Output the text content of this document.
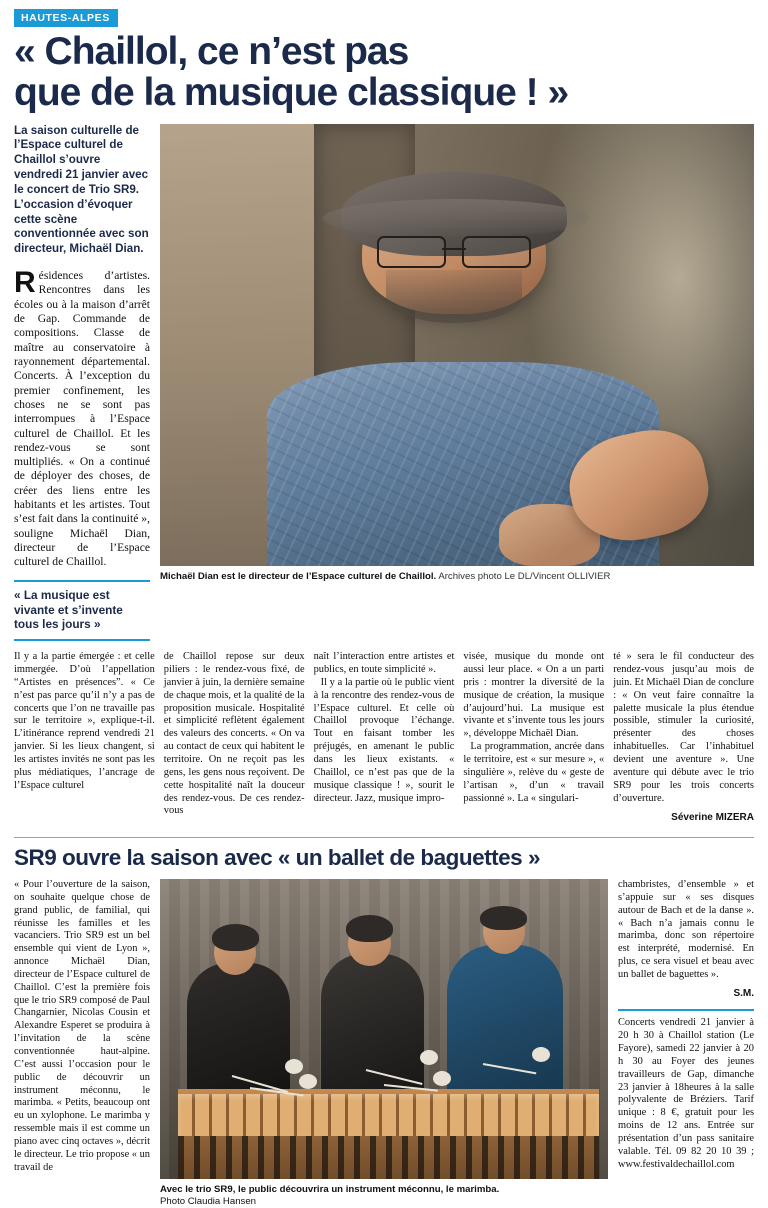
HAUTES-ALPES
« Chaillol, ce n’est pas
que de la musique classique ! »
La saison culturelle de l’Espace culturel de Chaillol s’ouvre vendredi 21 janvier avec le concert de Trio SR9. L’occasion d’évoquer cette scène conventionnée avec son directeur, Michaël Dian.
Résidences d’artistes. Rencontres dans les écoles ou à la maison d’arrêt de Gap. Commande de compositions. Classe de maître au conservatoire à rayonnement départemental. Concerts. À l’exception du premier confinement, les choses ne se sont pas interrompues à l’Espace culturel de Chaillol. Et les rendez-vous se sont multipliés. « On a continué de déployer des choses, de créer des liens entre les habitants et les artistes. Tout s’est fait dans la continuité », souligne Michaël Dian, directeur de l’Espace culturel de Chaillol.
« La musique est vivante et s’invente tous les jours »
Michaël Dian est le directeur de l’Espace culturel de Chaillol. Archives photo Le DL/Vincent OLLIVIER

Il y a la partie émergée : et celle immergée. D’où l’appellation “Artistes en présences”. « Ce n’est pas parce qu’il n’y a pas de concerts que l’on ne travaille pas sur le territoire », explique-t-il. L’itinérance reprend vendredi 21 janvier. Si les lieux changent, si les artistes invités ne sont pas les plus médiatiques, l’ancrage de l’Espace culturel

de Chaillol repose sur deux piliers : le rendez-vous fixé, de janvier à juin, la dernière semaine de chaque mois, et la qualité de la proposition musicale. Hospitalité et simplicité reflètent également des valeurs des concerts. « On va au contact de ceux qui habitent le territoire. On ne reçoit pas les gens, les gens nous reçoivent. De cette hospitalité naît la douceur des rendez-vous. De ces rendez-vous

naît l’interaction entre artistes et publics, en toute simplicité ».

Il y a la partie où le public vient à la rencontre des rendez-vous de l’Espace culturel. Et celle où Chaillol provoque l’échange. Tout en faisant tomber les préjugés, en amenant le public dans les lieux existants. « Chaillol, ce n’est pas que de la musique classique ! », sourit le directeur. Jazz, musique impro-

visée, musique du monde ont aussi leur place. « On a un parti pris : montrer la diversité de la musique de création, la musique d’aujourd’hui. La musique est vivante et s’invente tous les jours », développe Michaël Dian.

La programmation, ancrée dans le territoire, est « sur mesure », « singulière », relève du « geste de l’artisan », d’un « travail passionné ». La « singulari-

té » sera le fil conducteur des rendez-vous jusqu’au mois de juin. Et Michaël Dian de conclure : « On veut faire connaître la palette musicale la plus étendue possible, stimuler la curiosité, présenter des choses inhabituelles. Car l’inhabituel devient une aventure ». Une aventure qui débute avec le trio SR9 pour les trois concerts d’ouverture.

Séverine MIZERA
SR9 ouvre la saison avec « un ballet de baguettes »

« Pour l’ouverture de la saison, on souhaite quelque chose de grand public, de familial, qui réunisse les familles et les vacanciers. Trio SR9 est un bel ensemble qui vient de Lyon », annonce Michaël Dian, directeur de l’Espace culturel de Chaillol. C’est la première fois que le trio SR9 composé de Paul Changarnier, Nicolas Cousin et Alexandre Esperet se produira à l’invitation de la scène conventionnée haut-alpine. C’est aussi l’occasion pour le public de découvrir un instrument méconnu, le marimba. « Petits, beaucoup ont eu un xylophone. Le marimba y ressemble mais il est comme un piano avec cinq octaves », décrit le directeur. Le trio propose « un travail de

Avec le trio SR9, le public découvrira un instrument méconnu, le marimba.
Photo Claudia Hansen

chambristes, d’ensemble » et s’appuie sur « ses disques autour de Bach et de la danse ». « Bach n’a jamais connu le marimba, donc son répertoire est interprété, modernisé. En plus, ce sera visuel et beau avec un ballet de baguettes ».

S.M.
Concerts vendredi 21 janvier à 20 h 30 à Chaillol station (Le Fayore), samedi 22 janvier à 20 h 30 au Foyer des jeunes travailleurs de Gap, dimanche 23 janvier à 18heures à la salle polyvalente de Bréziers. Tarif unique : 8 €, gratuit pour les moins de 12 ans. Entrée sur présentation d’un pass sanitaire valable. Tél. 09 82 20 10 39 ; www.festivaldechaillol.com
